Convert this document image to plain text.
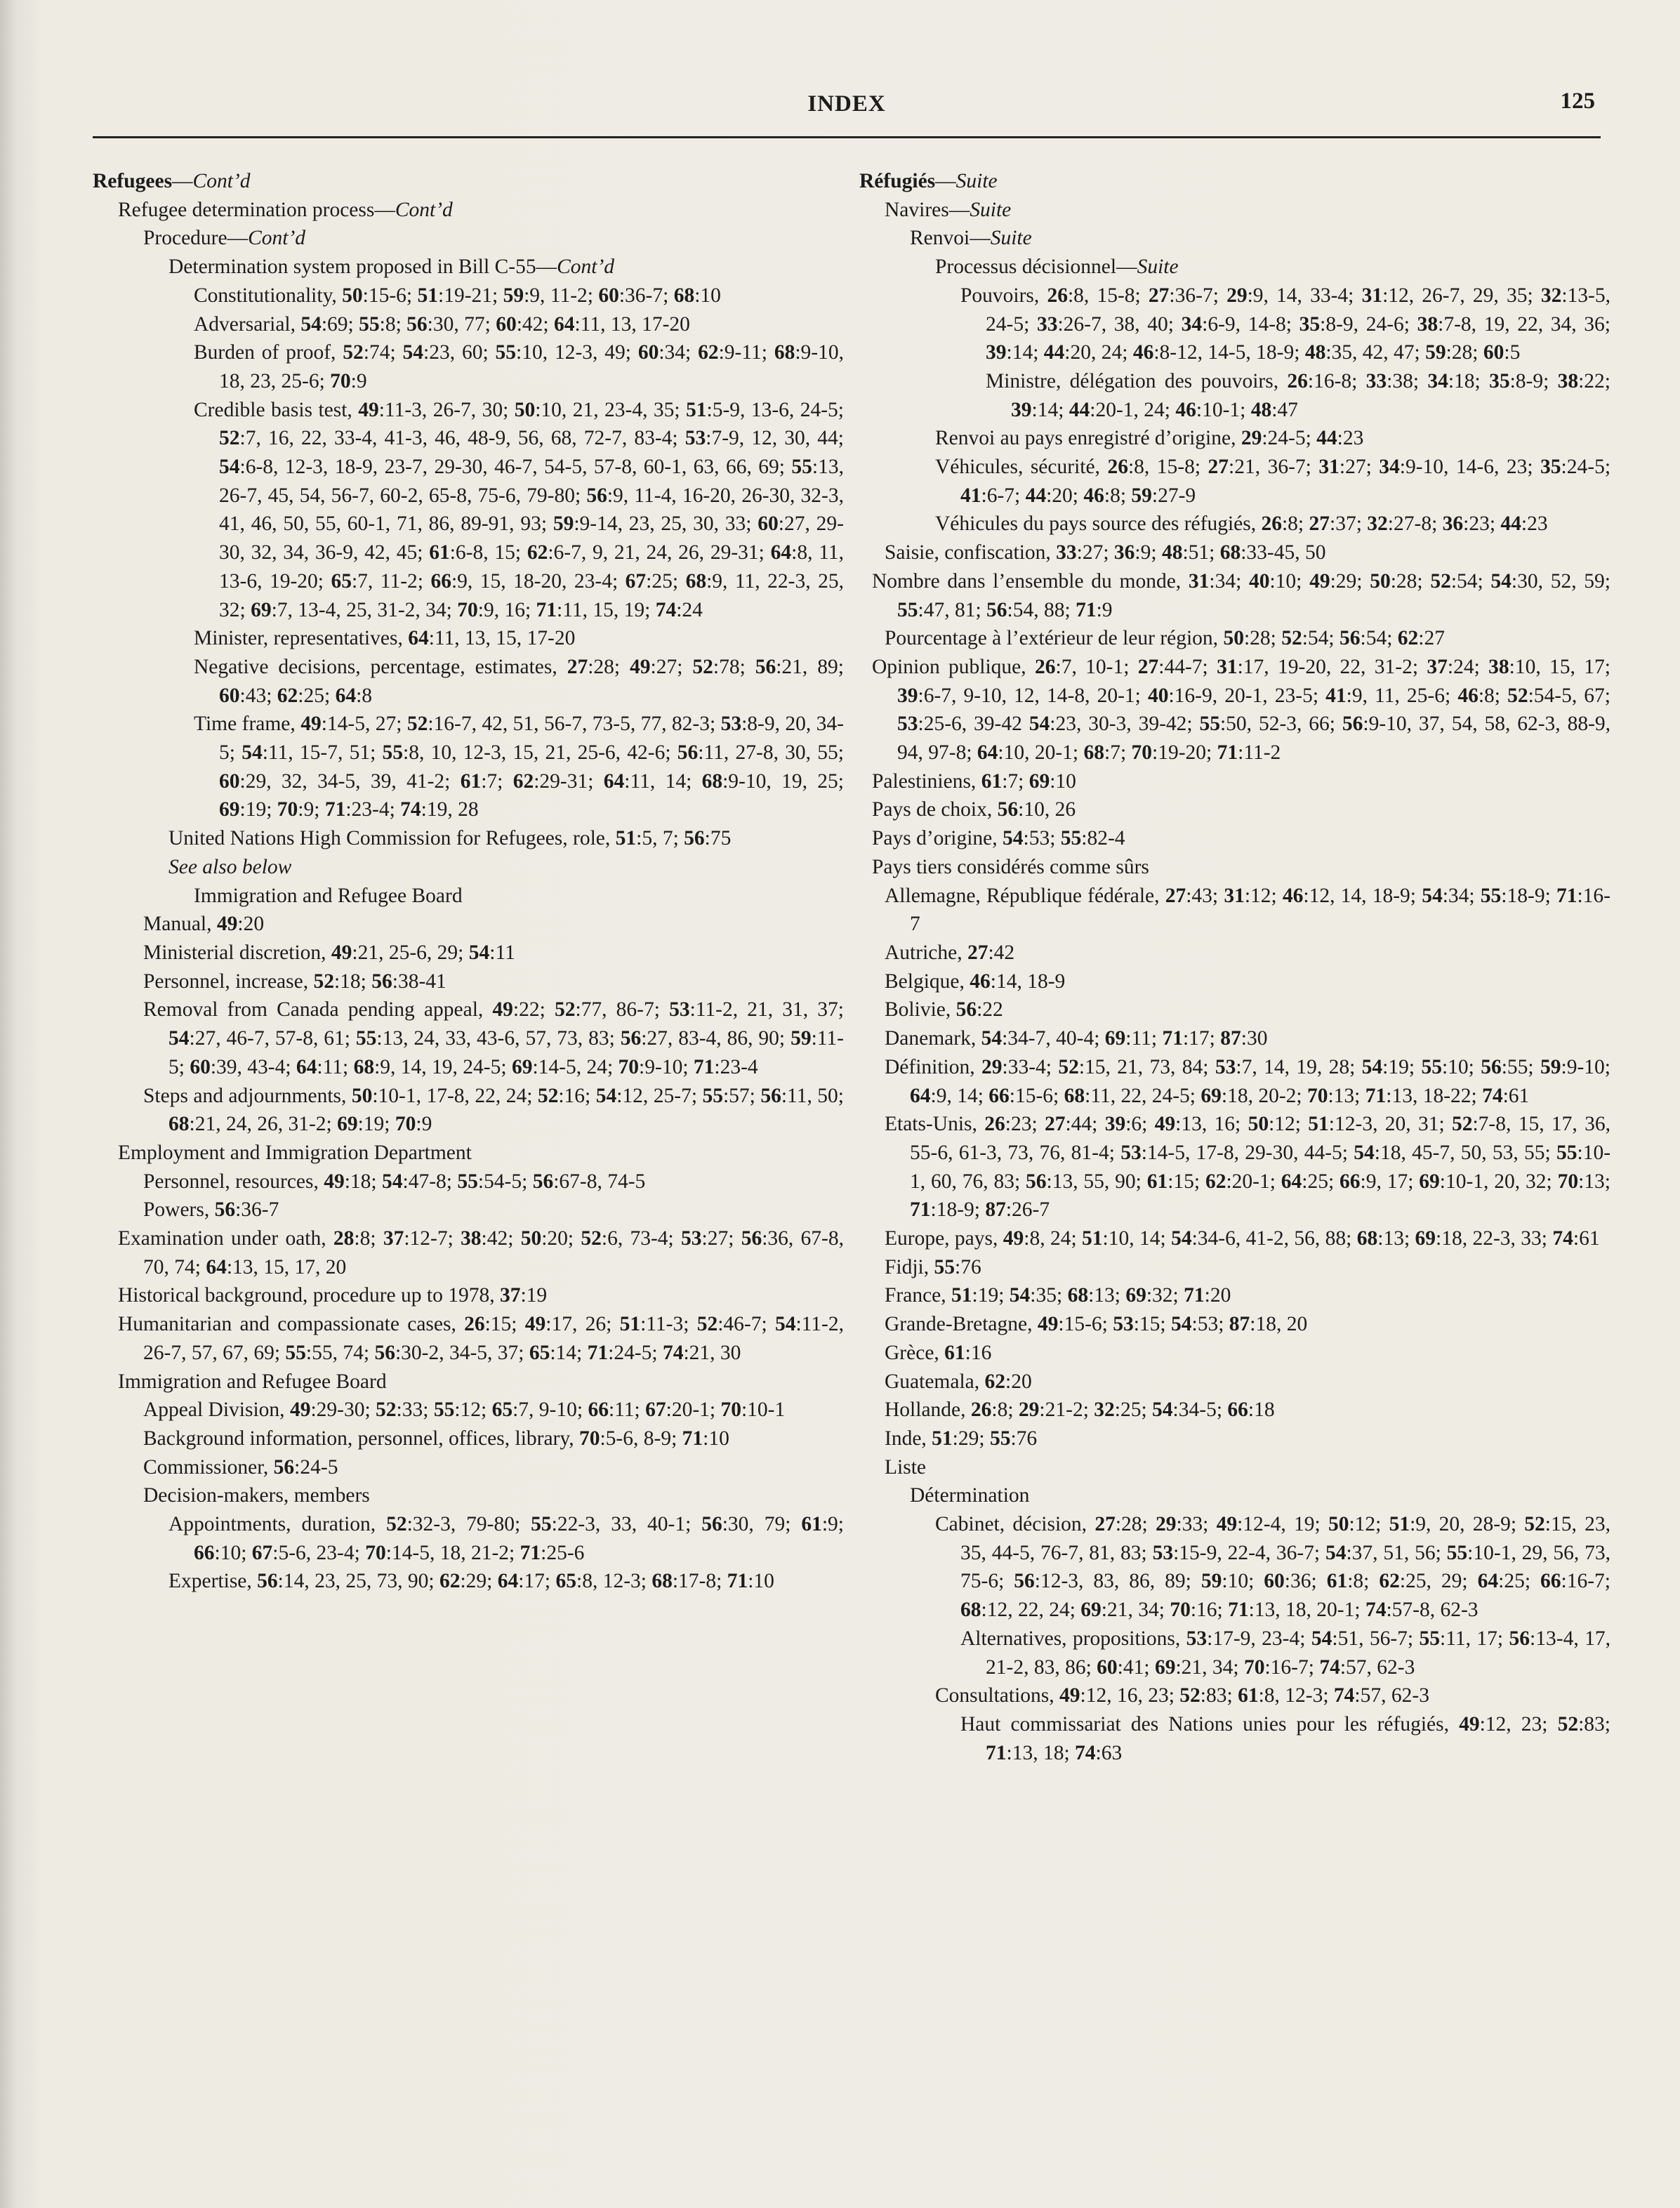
INDEX	125
Refugees—Cont’d
Refugee determination process—Cont’d
Procedure—Cont’d
Determination system proposed in Bill C-55—Cont’d
Constitutionality, 50:15-6; 51:19-21; 59:9, 11-2; 60:36-7; 68:10
Adversarial, 54:69; 55:8; 56:30, 77; 60:42; 64:11, 13, 17-20
Burden of proof, 52:74; 54:23, 60; 55:10, 12-3, 49; 60:34; 62:9-11; 68:9-10, 18, 23, 25-6; 70:9
Credible basis test, 49:11-3, 26-7, 30; 50:10, 21, 23-4, 35; 51:5-9, 13-6, 24-5; 52:7, 16, 22, 33-4, 41-3, 46, 48-9, 56, 68, 72-7, 83-4; 53:7-9, 12, 30, 44; 54:6-8, 12-3, 18-9, 23-7, 29-30, 46-7, 54-5, 57-8, 60-1, 63, 66, 69; 55:13, 26-7, 45, 54, 56-7, 60-2, 65-8, 75-6, 79-80; 56:9, 11-4, 16-20, 26-30, 32-3, 41, 46, 50, 55, 60-1, 71, 86, 89-91, 93; 59:9-14, 23, 25, 30, 33; 60:27, 29-30, 32, 34, 36-9, 42, 45; 61:6-8, 15; 62:6-7, 9, 21, 24, 26, 29-31; 64:8, 11, 13-6, 19-20; 65:7, 11-2; 66:9, 15, 18-20, 23-4; 67:25; 68:9, 11, 22-3, 25, 32; 69:7, 13-4, 25, 31-2, 34; 70:9, 16; 71:11, 15, 19; 74:24
Minister, representatives, 64:11, 13, 15, 17-20
Negative decisions, percentage, estimates, 27:28; 49:27; 52:78; 56:21, 89; 60:43; 62:25; 64:8
Time frame, 49:14-5, 27; 52:16-7, 42, 51, 56-7, 73-5, 77, 82-3; 53:8-9, 20, 34-5; 54:11, 15-7, 51; 55:8, 10, 12-3, 15, 21, 25-6, 42-6; 56:11, 27-8, 30, 55; 60:29, 32, 34-5, 39, 41-2; 61:7; 62:29-31; 64:11, 14; 68:9-10, 19, 25; 69:19; 70:9; 71:23-4; 74:19, 28
United Nations High Commission for Refugees, role, 51:5, 7; 56:75
See also below
Immigration and Refugee Board
Manual, 49:20
Ministerial discretion, 49:21, 25-6, 29; 54:11
Personnel, increase, 52:18; 56:38-41
Removal from Canada pending appeal, 49:22; 52:77, 86-7; 53:11-2, 21, 31, 37; 54:27, 46-7, 57-8, 61; 55:13, 24, 33, 43-6, 57, 73, 83; 56:27, 83-4, 86, 90; 59:11-5; 60:39, 43-4; 64:11; 68:9, 14, 19, 24-5; 69:14-5, 24; 70:9-10; 71:23-4
Steps and adjournments, 50:10-1, 17-8, 22, 24; 52:16; 54:12, 25-7; 55:57; 56:11, 50; 68:21, 24, 26, 31-2; 69:19; 70:9
Employment and Immigration Department
Personnel, resources, 49:18; 54:47-8; 55:54-5; 56:67-8, 74-5
Powers, 56:36-7
Examination under oath, 28:8; 37:12-7; 38:42; 50:20; 52:6, 73-4; 53:27; 56:36, 67-8, 70, 74; 64:13, 15, 17, 20
Historical background, procedure up to 1978, 37:19
Humanitarian and compassionate cases, 26:15; 49:17, 26; 51:11-3; 52:46-7; 54:11-2, 26-7, 57, 67, 69; 55:55, 74; 56:30-2, 34-5, 37; 65:14; 71:24-5; 74:21, 30
Immigration and Refugee Board
Appeal Division, 49:29-30; 52:33; 55:12; 65:7, 9-10; 66:11; 67:20-1; 70:10-1
Background information, personnel, offices, library, 70:5-6, 8-9; 71:10
Commissioner, 56:24-5
Decision-makers, members
Appointments, duration, 52:32-3, 79-80; 55:22-3, 33, 40-1; 56:30, 79; 61:9; 66:10; 67:5-6, 23-4; 70:14-5, 18, 21-2; 71:25-6
Expertise, 56:14, 23, 25, 73, 90; 62:29; 64:17; 65:8, 12-3; 68:17-8; 71:10
Réfugiés—Suite
Navires—Suite
Renvoi—Suite
Processus décisionnel—Suite
Pouvoirs, 26:8, 15-8; 27:36-7; 29:9, 14, 33-4; 31:12, 26-7, 29, 35; 32:13-5, 24-5; 33:26-7, 38, 40; 34:6-9, 14-8; 35:8-9, 24-6; 38:7-8, 19, 22, 34, 36; 39:14; 44:20, 24; 46:8-12, 14-5, 18-9; 48:35, 42, 47; 59:28; 60:5
Ministre, délégation des pouvoirs, 26:16-8; 33:38; 34:18; 35:8-9; 38:22; 39:14; 44:20-1, 24; 46:10-1; 48:47
Renvoi au pays enregistré d’origine, 29:24-5; 44:23
Véhicules, sécurité, 26:8, 15-8; 27:21, 36-7; 31:27; 34:9-10, 14-6, 23; 35:24-5; 41:6-7; 44:20; 46:8; 59:27-9
Véhicules du pays source des réfugiés, 26:8; 27:37; 32:27-8; 36:23; 44:23
Saisie, confiscation, 33:27; 36:9; 48:51; 68:33-45, 50
Nombre dans l’ensemble du monde, 31:34; 40:10; 49:29; 50:28; 52:54; 54:30, 52, 59; 55:47, 81; 56:54, 88; 71:9
Pourcentage à l’extérieur de leur région, 50:28; 52:54; 56:54; 62:27
Opinion publique, 26:7, 10-1; 27:44-7; 31:17, 19-20, 22, 31-2; 37:24; 38:10, 15, 17; 39:6-7, 9-10, 12, 14-8, 20-1; 40:16-9, 20-1, 23-5; 41:9, 11, 25-6; 46:8; 52:54-5, 67; 53:25-6, 39-42 54:23, 30-3, 39-42; 55:50, 52-3, 66; 56:9-10, 37, 54, 58, 62-3, 88-9, 94, 97-8; 64:10, 20-1; 68:7; 70:19-20; 71:11-2
Palestiniens, 61:7; 69:10
Pays de choix, 56:10, 26
Pays d’origine, 54:53; 55:82-4
Pays tiers considérés comme sûrs
Allemagne, République fédérale, 27:43; 31:12; 46:12, 14, 18-9; 54:34; 55:18-9; 71:16-7
Autriche, 27:42
Belgique, 46:14, 18-9
Bolivie, 56:22
Danemark, 54:34-7, 40-4; 69:11; 71:17; 87:30
Définition, 29:33-4; 52:15, 21, 73, 84; 53:7, 14, 19, 28; 54:19; 55:10; 56:55; 59:9-10; 64:9, 14; 66:15-6; 68:11, 22, 24-5; 69:18, 20-2; 70:13; 71:13, 18-22; 74:61
Etats-Unis, 26:23; 27:44; 39:6; 49:13, 16; 50:12; 51:12-3, 20, 31; 52:7-8, 15, 17, 36, 55-6, 61-3, 73, 76, 81-4; 53:14-5, 17-8, 29-30, 44-5; 54:18, 45-7, 50, 53, 55; 55:10-1, 60, 76, 83; 56:13, 55, 90; 61:15; 62:20-1; 64:25; 66:9, 17; 69:10-1, 20, 32; 70:13; 71:18-9; 87:26-7
Europe, pays, 49:8, 24; 51:10, 14; 54:34-6, 41-2, 56, 88; 68:13; 69:18, 22-3, 33; 74:61
Fidji, 55:76
France, 51:19; 54:35; 68:13; 69:32; 71:20
Grande-Bretagne, 49:15-6; 53:15; 54:53; 87:18, 20
Grèce, 61:16
Guatemala, 62:20
Hollande, 26:8; 29:21-2; 32:25; 54:34-5; 66:18
Inde, 51:29; 55:76
Liste
Détermination
Cabinet, décision, 27:28; 29:33; 49:12-4, 19; 50:12; 51:9, 20, 28-9; 52:15, 23, 35, 44-5, 76-7, 81, 83; 53:15-9, 22-4, 36-7; 54:37, 51, 56; 55:10-1, 29, 56, 73, 75-6; 56:12-3, 83, 86, 89; 59:10; 60:36; 61:8; 62:25, 29; 64:25; 66:16-7; 68:12, 22, 24; 69:21, 34; 70:16; 71:13, 18, 20-1; 74:57-8, 62-3
Alternatives, propositions, 53:17-9, 23-4; 54:51, 56-7; 55:11, 17; 56:13-4, 17, 21-2, 83, 86; 60:41; 69:21, 34; 70:16-7; 74:57, 62-3
Consultations, 49:12, 16, 23; 52:83; 61:8, 12-3; 74:57, 62-3
Haut commissariat des Nations unies pour les réfugiés, 49:12, 23; 52:83; 71:13, 18; 74:63
